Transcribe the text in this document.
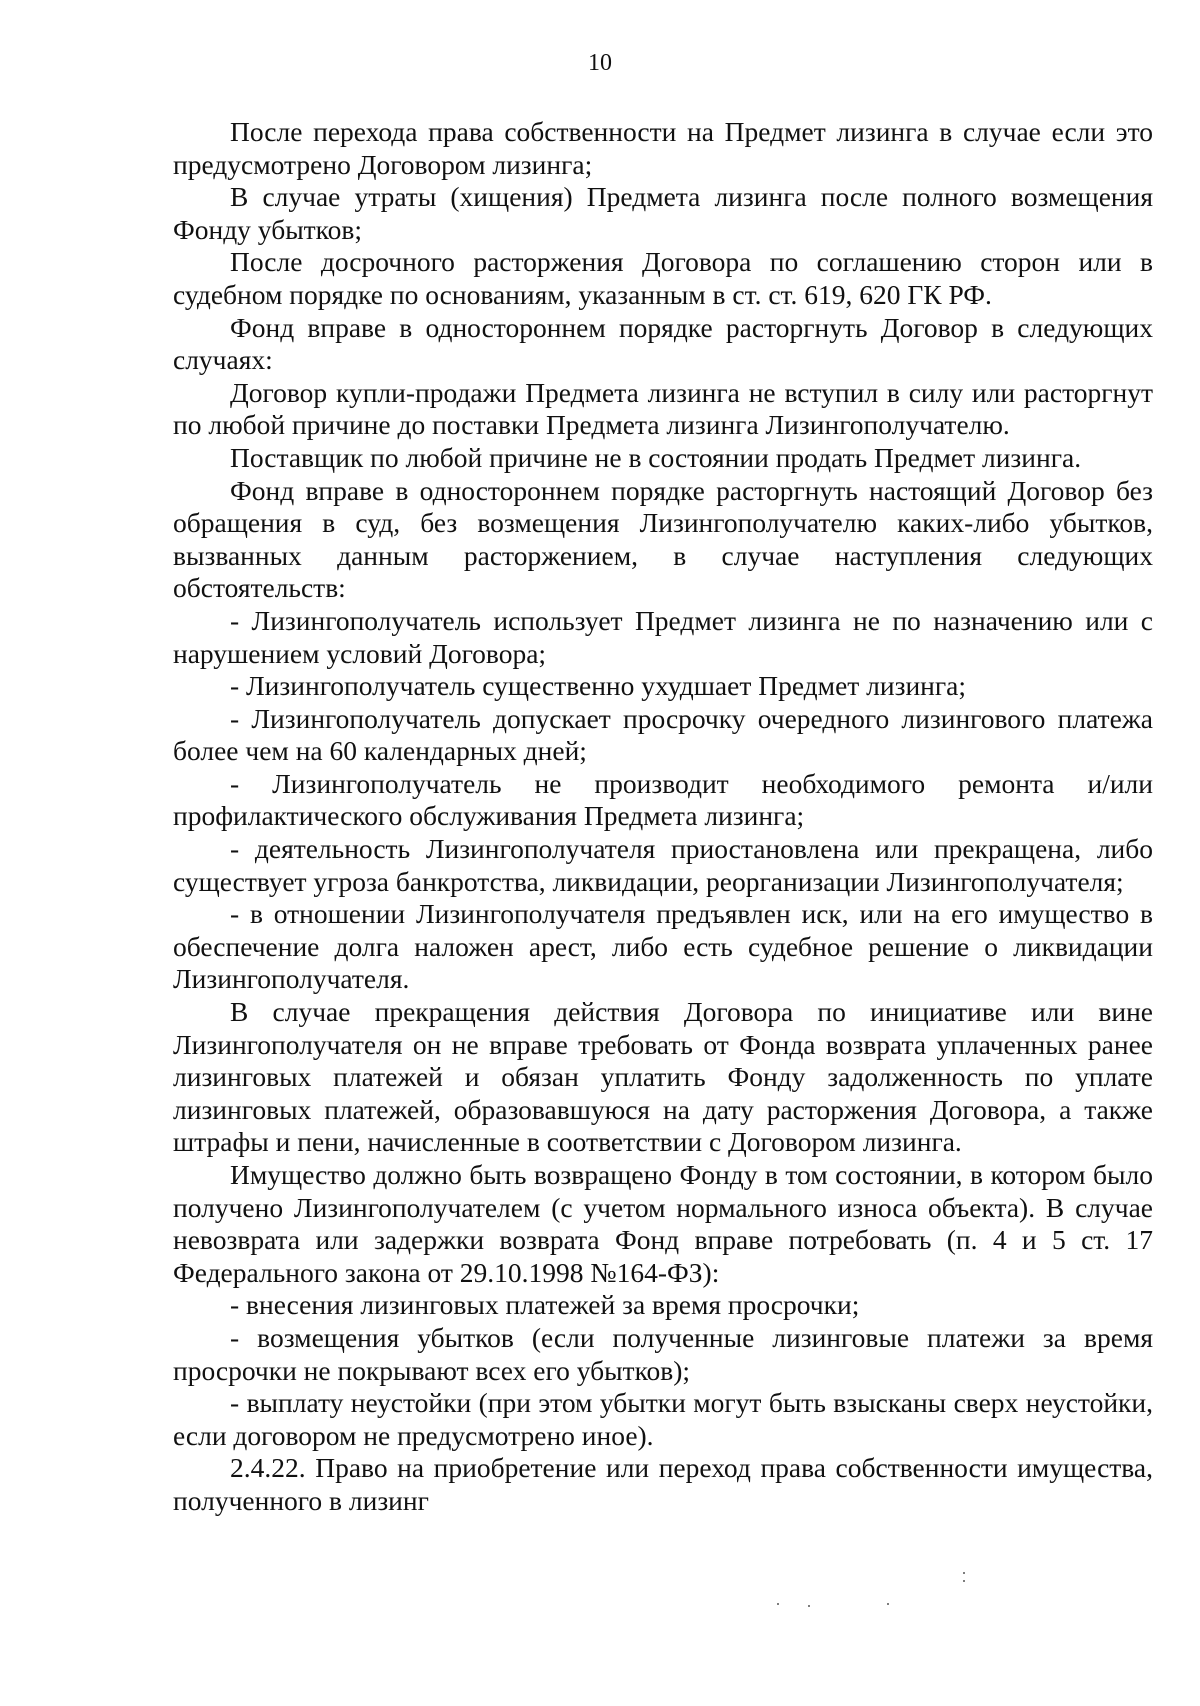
10

После перехода права собственности на Предмет лизинга в случае если это предусмотрено Договором лизинга;

В случае утраты (хищения) Предмета лизинга после полного возмещения Фонду убытков;

После досрочного расторжения Договора по соглашению сторон или в судебном порядке по основаниям, указанным в ст. ст. 619, 620 ГК РФ.

Фонд вправе в одностороннем порядке расторгнуть Договор в следующих случаях:

Договор купли-продажи Предмета лизинга не вступил в силу или расторгнут по любой причине до поставки Предмета лизинга Лизингополучателю.

Поставщик по любой причине не в состоянии продать Предмет лизинга.

Фонд вправе в одностороннем порядке расторгнуть настоящий Договор без обращения в суд, без возмещения Лизингополучателю каких-либо убытков, вызванных данным расторжением, в случае наступления следующих обстоятельств:

- Лизингополучатель использует Предмет лизинга не по назначению или с нарушением условий Договора;

- Лизингополучатель существенно ухудшает Предмет лизинга;

- Лизингополучатель допускает просрочку очередного лизингового платежа более чем на 60 календарных дней;

- Лизингополучатель не производит необходимого ремонта и/или профилактического обслуживания Предмета лизинга;

- деятельность Лизингополучателя приостановлена или прекращена, либо существует угроза банкротства, ликвидации, реорганизации Лизингополучателя;

- в отношении Лизингополучателя предъявлен иск, или на его имущество в обеспечение долга наложен арест, либо есть судебное решение о ликвидации Лизингополучателя.

В случае прекращения действия Договора по инициативе или вине Лизингополучателя он не вправе требовать от Фонда возврата уплаченных ранее лизинговых платежей и обязан уплатить Фонду задолженность по уплате лизинговых платежей, образовавшуюся на дату расторжения Договора, а также штрафы и пени, начисленные в соответствии с Договором лизинга.

Имущество должно быть возвращено Фонду в том состоянии, в котором было получено Лизингополучателем (с учетом нормального износа объекта). В случае невозврата или задержки возврата Фонд вправе потребовать (п. 4 и 5 ст. 17 Федерального закона от 29.10.1998 №164-ФЗ):

- внесения лизинговых платежей за время просрочки;

- возмещения убытков (если полученные лизинговые платежи за время просрочки не покрывают всех его убытков);

- выплату неустойки (при этом убытки могут быть взысканы сверх неустойки, если договором не предусмотрено иное).

2.4.22. Право на приобретение или переход права собственности имущества, полученного в лизинг
